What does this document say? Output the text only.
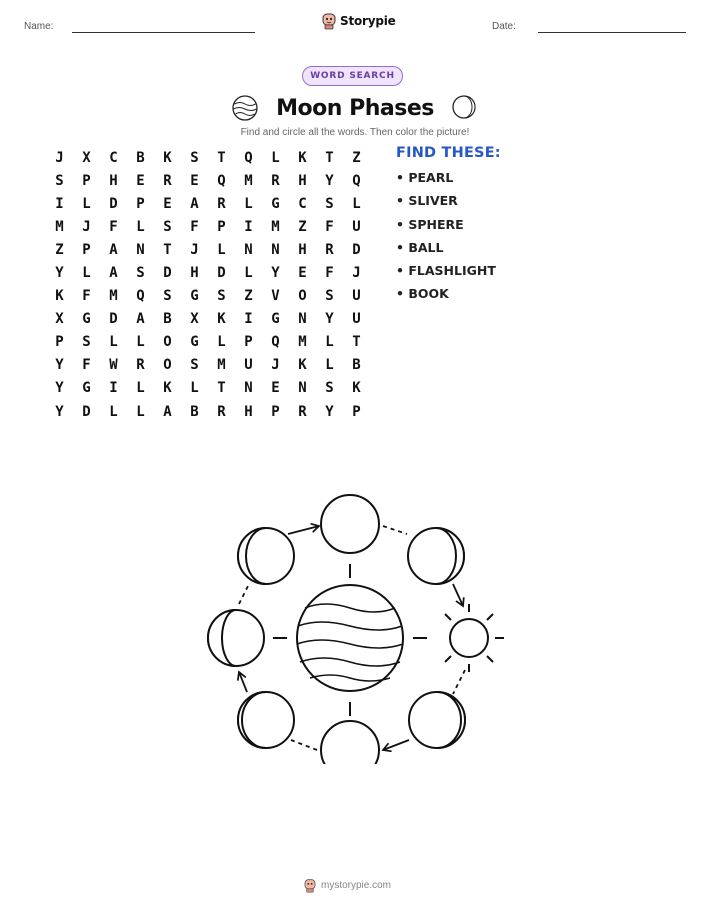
Name:	Storypie	Date:
WORD SEARCH
Moon Phases
Find and circle all the words. Then color the picture!
J	X	C	B	K	S	T	Q	L	K	T	Z
S	P	H	E	R	E	Q	M	R	H	Y	Q
I	L	D	P	E	A	R	L	G	C	S	L
M	J	F	L	S	F	P	I	M	Z	F	U
Z	P	A	N	T	J	L	N	N	H	R	D
Y	L	A	S	D	H	D	L	Y	E	F	J
K	F	M	Q	S	G	S	Z	V	O	S	U
X	G	D	A	B	X	K	I	G	N	Y	U
P	S	L	L	O	G	L	P	Q	M	L	T
Y	F	W	R	O	S	M	U	J	K	L	B
Y	G	I	L	K	L	T	N	E	N	S	K
Y	D	L	L	A	B	R	H	P	R	Y	P
FIND THESE:
• PEARL
• SLIVER
• SPHERE
• BALL
• FLASHLIGHT
• BOOK
mystorypie.com
